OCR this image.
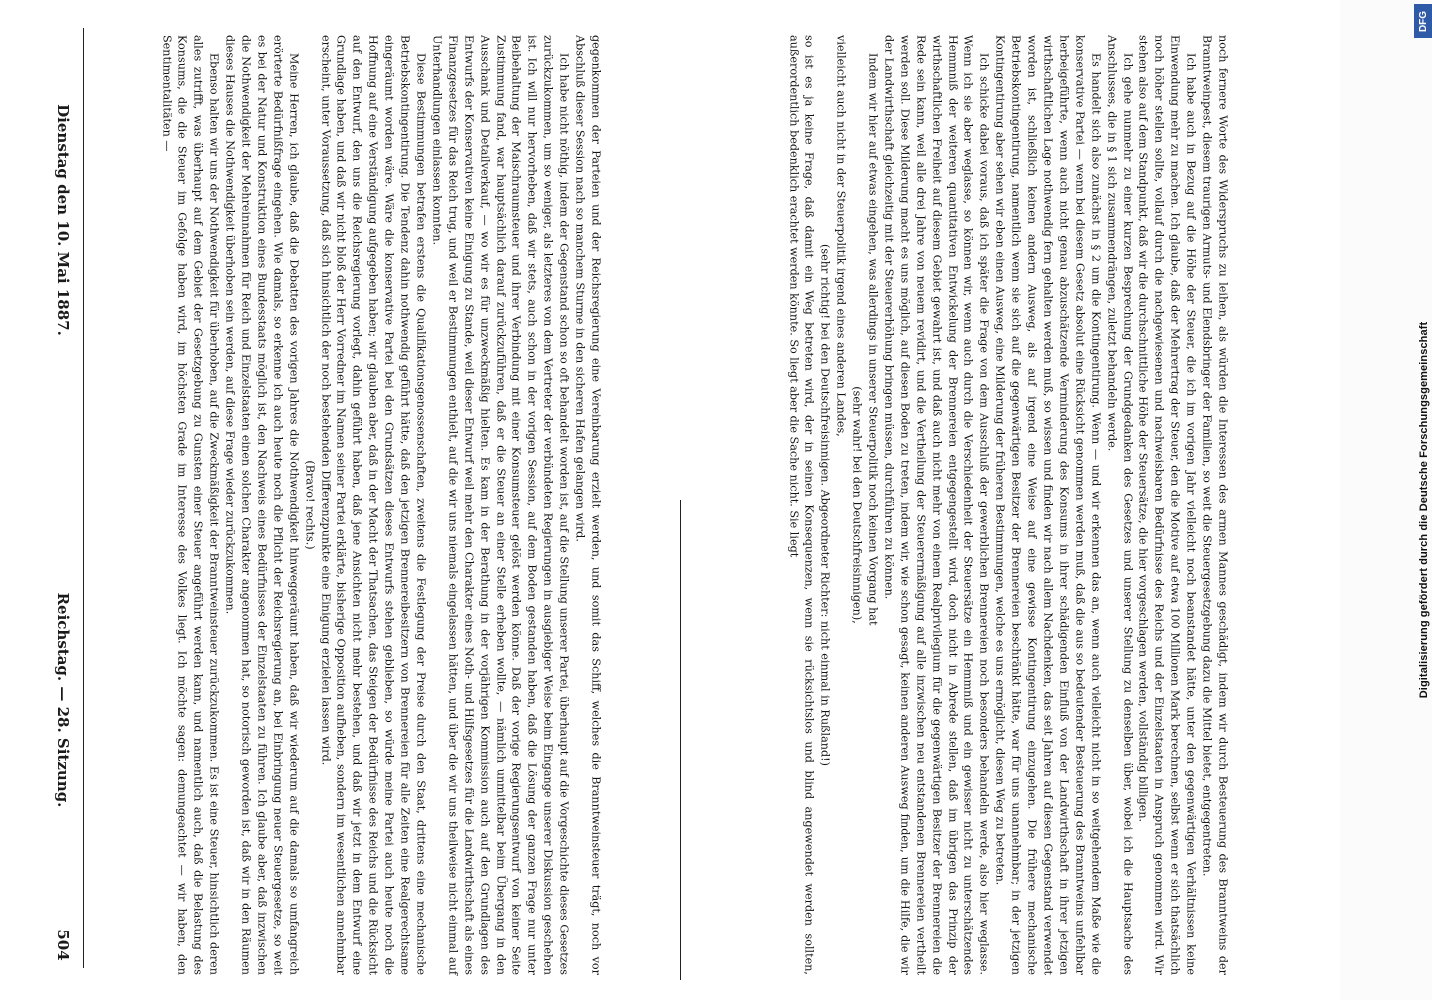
504
Reichstag. — 28. Sitzung.
Dienstag den 10. Mai 1887.	gegenkommen der Parteien und der Reichsregierung eine Vereinbarung erzielt werden, und somit das Schiff, welches die Branntweinsteuer trägt, noch vor Abschluß dieser Session nach so manchem Sturme in den sicheren Hafen gelangen wird.

Ich habe nicht nöthig, indem der Gegenstand schon so oft behandelt worden ist, auf die Stellung unserer Partei, überhaupt auf die Vorgeschichte dieses Gesetzes zurückzukommen, um so weniger, als letzteres von dem Vertreter der verbündeten Regierungen in ausgiebiger Weise beim Eingange unserer Diskussion geschehen ist. Ich will nur hervorheben, daß wir stets, auch schon in der vorigen Session, auf dem Boden gestanden haben, daß die Lösung der ganzen Frage nur unter Beibehaltung der Maischraumsteuer und ihrer Verbindung mit einer Konsumsteuer gelöst werden könne. Daß der vorige Regierungsentwurf von keiner Seite Zustimmung fand, war hauptsächlich darauf zurückzuführen, daß er die Steuer an einer Stelle erheben wollte, — nämlich unmittelbar beim Übergang in den Ausschank und Detailverkauf, — wo wir es für unzweckmäßig hielten. Es kam in der Berathung in der vorjährigen Kommission auch auf den Grundlagen des Entwurfs der Konservativen keine Einigung zu Stande, weil dieser Entwurf weil mehr den Charakter eines Noth- und Hilfsgesetzes für die Landwirthschaft als eines Finanzgesetzes für das Reich trug, und weil er Bestimmungen enthielt, auf die wir uns niemals eingelassen hätten, und über die wir uns theilweise nicht einmal auf Unterhandlungen einlassen konnten.

Diese Bestimmungen betrafen erstens die Qualifikationsgenossenschaften, zweitens die Festlegung der Preise durch den Staat, drittens eine mechanische Betriebskontingentirung. Die Tendenz dahin nothwendig geführt hätte, daß den jetzigen Brennereibesitzern von Brennereien für alle Zeiten eine Realgerechtsame eingeräumt worden wäre. Wäre die konservative Partei bei den Grundsätzen dieses Entwurfs stehen geblieben, so würde meine Partei auch heute noch die Hoffnung auf eine Verständigung aufgegeben haben; wir glauben aber, daß in der Macht der Thatsachen, das Steigen der Bedürfnisse des Reichs und die Rücksicht auf den Entwurf, den uns die Reichsregierung vorlegt, dahin geführt haben, daß jene Ansichten nicht mehr bestehen, und daß wir jetzt in dem Entwurf eine Grundlage haben, und daß wir nicht bloß der Herr Vorredner im Namen seiner Partei erklärte, bisherige Opposition aufheben, sondern im wesentlichen annehmbar erscheint, unter Voraussetzung, daß sich hinsichtlich der noch bestehenden Differenzpunkte eine Einigung erzielen lassen wird.

(Bravo! rechts.)

Meine Herren, ich glaube, daß die Debatten des vorigen Jahres die Nothwendigkeit hinweggeräumt haben, daß wir wiederum auf die damals so umfangreich erörterte Bedürfnißfrage eingehen. Wie damals, so erkenne ich auch heute noch die Pflicht der Reichsregierung an, bei Einbringung neuer Steuergesetze, so weit es bei der Natur und Konstruktion eines Bundesstaats möglich ist, den Nachweis eines Bedürfnisses der Einzelstaaten zu führen. Ich glaube aber, daß inzwischen die Nothwendigkeit der Mehreinnahmen für Reich und Einzelstaaten einen solchen Charakter angenommen hat, so notorisch geworden ist, daß wir in den Räumen dieses Hauses die Nothwendigkeit überhoben sein werden, auf diese Frage wieder zurückzukommen.

Ebenso halten wir uns der Nothwendigkeit für überhoben, auf die Zweckmäßigkeit der Branntweinsteuer zurückzukommen. Es ist eine Steuer, hinsichtlich deren alles zutrifft, was überhaupt auf dem Gebiet der Gesetzgebung zu Gunsten einer Steuer angeführt werden kann, und namentlich auch, daß die Belastung des Konsums, die die Steuer im Gefolge haben wird, im höchsten Grade im Interesse des Volkes liegt. Ich möchte sagen: demungeachtet — wir haben, den Sentimentalitäten —	noch fernere Worte des Widerspruchs zu leihen, als würden die Interessen des armen Mannes geschädigt, indem wir durch Besteuerung des Branntweins der Branntweinpest, diesem traurigen Armuts- und Elendsbringer der Familien, so weit die Steuergesetzgebung dazu die Mittel bietet, entgegentreten.

Ich habe auch in Bezug auf die Höhe der Steuer, die ich im vorigen Jahr vielleicht noch beanstandet hätte, unter den gegenwärtigen Verhältnissen keine Einwendung mehr zu machen. Ich glaube, daß der Mehrertrag der Steuer, den die Motive auf etwa 100 Millionen Mark berechnen, selbst wenn er sich thatsächlich noch höher stellen sollte, vollauf durch die nachgewiesenen und nachweisbaren Bedürfnisse des Reichs und der Einzelstaaten in Anspruch genommen wird. Wir stehen also auf dem Standpunkt, daß wir die durchschnittliche Höhe der Steuersätze, die hier vorgeschlagen werden, vollständig billigen.

Ich gehe nunmehr zu einer kurzen Besprechung der Grundgedanken des Gesetzes und unserer Stellung zu denselben über, wobei ich die Hauptsache des Anschlusses, die in § 1 sich zusammendrängen, zuletzt behandeln werde.

Es handelt sich also zunächst in § 2 um die Kontingentirung. Wenn — und wir erkennen das an, wenn auch vielleicht nicht in so weitgehendem Maße wie die konservative Partei — wenn bei diesem Gesetz absolut eine Rücksicht genommen werden muß, daß die aus so bedeutender Besteuerung des Branntweins unfehlbar herbeigeführte, wenn auch nicht genau abzuschätzende Verminderung des Konsums in ihrer schädigenden Einfluß von der Landwirthschaft in ihrer jetzigen wirthschaftlichen Lage nothwendig fern gehalten werden muß, so wissen und finden wir nach allem Nachdenken, das seit Jahren auf diesen Gegenstand verwendet worden ist, schließlich keinen andern Ausweg, als auf irgend eine Weise auf eine gewisse Kontingentirung einzugehen. Die frühere mechanische Betriebskontingentirung, namentlich wenn sie sich auf die gegenwärtigen Besitzer der Brennereien beschränkt hätte, war für uns unannehmbar; in der jetzigen Kontingentirung aber sehen wir eben einen Ausweg, eine Milderung der früheren Bestimmungen, welche es uns ermöglicht, diesen Weg zu betreten.

Ich schicke dabei voraus, daß ich später die Frage von dem Ausschluß der gewerblichen Brennereien noch besonders behandeln werde, also hier weglasse. Wenn ich sie aber weglasse, so können wir, wenn auch durch die Verschiedenheit der Steuersätze ein Hemmniß und ein gewisser nicht zu unterschätzendes Hemmniß der weiteren quantitativen Entwickelung der Brennereien entgegengestellt wird, doch nicht in Abrede stellen, daß im übrigen das Prinzip der wirthschaftlichen Freiheit auf diesem Gebiet gewahrt ist, und daß auch nicht mehr von einem Realprivilegium für die gegenwärtigen Besitzer der Brennereien die Rede sein kann, weil alle drei Jahre von neuem revidirt, und die Vertheilung der Steuerermäßigung auf alle inzwischen neu entstandenen Brennereien vertheilt werden soll. Diese Milderung macht es uns möglich, auf diesen Boden zu treten, indem wir, wie schon gesagt, keinen anderen Ausweg finden, um die Hilfe, die wir der Landwirthschaft gleichzeitig mit der Steuererhöhung bringen müssen, durchführen zu können.

Indem wir hier auf etwas eingehen, was allerdings in unserer Steuerpolitik noch keinen Vorgang hat

(sehr wahr! bei den Deutschfreisinnigen),

vielleicht auch nicht in der Steuerpolitik irgend eines anderen Landes,

(sehr richtig! bei den Deutschfreisinnigen. Abgeordneter Richter: nicht einmal in Rußland!)

so ist es ja keine Frage, daß damit ein Weg betreten wird, der in seinen Konsequenzen, wenn sie rücksichtslos und blind angewendet werden sollten, außerordentlich bedenklich erachtet werden könnte. So liegt aber die Sache nicht. Sie liegt

DFG
Digitalisierung gefördert durch die Deutsche Forschungsgemeinschaft
